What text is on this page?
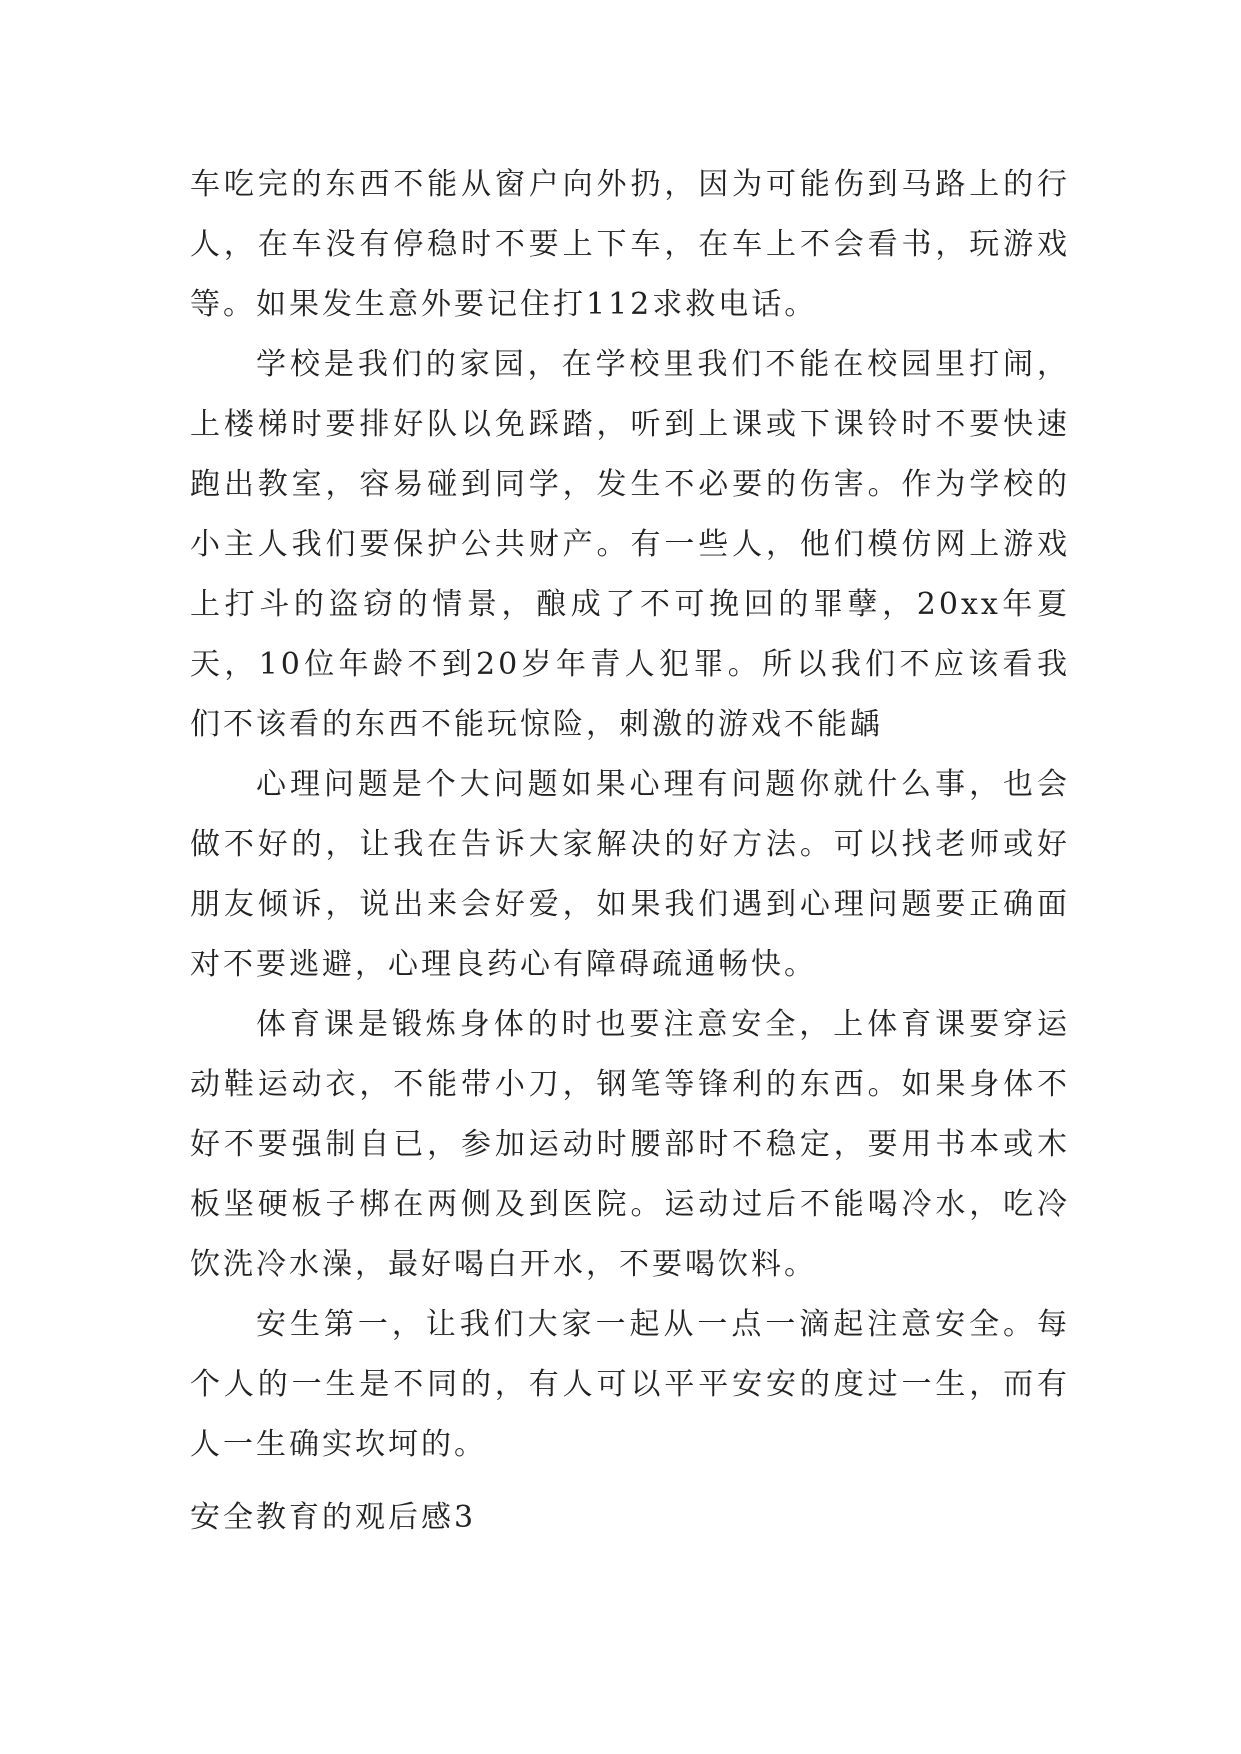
车吃完的东西不能从窗户向外扔，因为可能伤到马路上的行人，在车没有停稳时不要上下车，在车上不会看书，玩游戏等。如果发生意外要记住打112求救电话。

学校是我们的家园，在学校里我们不能在校园里打闹，上楼梯时要排好队以免踩踏，听到上课或下课铃时不要快速跑出教室，容易碰到同学，发生不必要的伤害。作为学校的小主人我们要保护公共财产。有一些人，他们模仿网上游戏上打斗的盗窃的情景，酿成了不可挽回的罪孽，20xx年夏天，10位年龄不到20岁年青人犯罪。所以我们不应该看我们不该看的东西不能玩惊险，刺激的游戏不能龋

心理问题是个大问题如果心理有问题你就什么事，也会做不好的，让我在告诉大家解决的好方法。可以找老师或好朋友倾诉，说出来会好爱，如果我们遇到心理问题要正确面对不要逃避，心理良药心有障碍疏通畅快。

体育课是锻炼身体的时也要注意安全，上体育课要穿运动鞋运动衣，不能带小刀，钢笔等锋利的东西。如果身体不好不要强制自已，参加运动时腰部时不稳定，要用书本或木板坚硬板子梆在两侧及到医院。运动过后不能喝冷水，吃冷饮洗冷水澡，最好喝白开水，不要喝饮料。

安生第一，让我们大家一起从一点一滴起注意安全。每个人的一生是不同的，有人可以平平安安的度过一生，而有人一生确实坎坷的。

安全教育的观后感3
